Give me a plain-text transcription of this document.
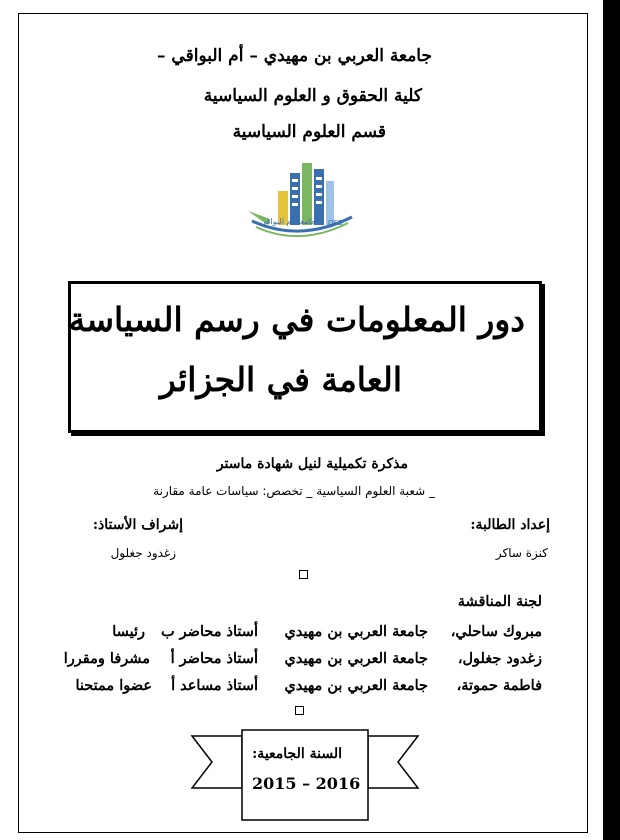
جامعة العربي بن مهيدي – أم البواقي –
كلية الحقوق و العلوم السياسية
قسم العلوم السياسية
جامعة أم البواقي OEB
دور المعلومات في رسم السياسة
العامة في الجزائر
مذكرة تكميلية لنيل شهادة ماستر
_ شعبة العلوم السياسية _ تخصص: سياسات عامة مقارنة
إعداد الطالبة:
كنزة ساكر
إشراف الأستاذ:
زغدود جغلول
لجنة المناقشة
مبروك ساحلي،
جامعة العربي بن مهيدي
أستاذ محاضر ب
رئيسا
زغدود جغلول،
جامعة العربي بن مهيدي
أستاذ محاضر أ
مشرفا ومقررا
فاطمة حموتة،
جامعة العربي بن مهيدي
أستاذ مساعد أ
عضوا ممتحنا
السنة الجامعية:
2015 – 2016
